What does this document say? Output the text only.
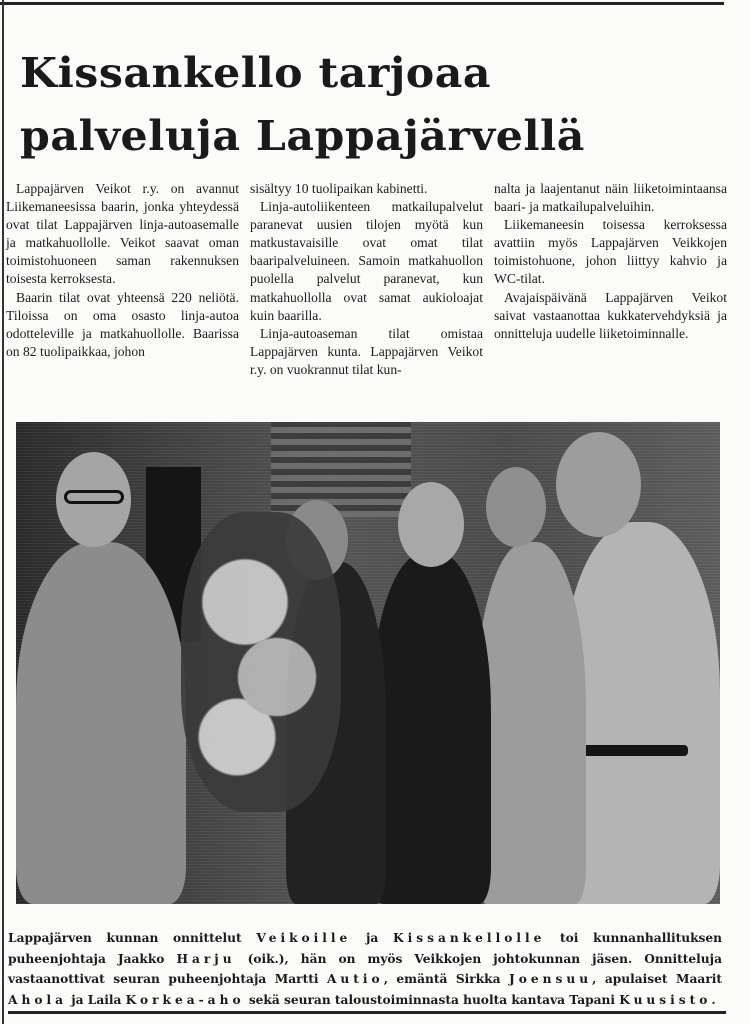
Kissankello tarjoaa
palveluja Lappajärvellä

Lappajärven Veikot r.y. on avannut Liikemaneesissa baarin, jonka yhteydessä ovat tilat Lappajärven linja-autoasemalle ja matkahuollolle. Veikot saavat oman toimistohuoneen saman rakennuksen toisesta kerroksesta.

Baarin tilat ovat yhteensä 220 neliötä. Tiloissa on oma osasto linja-autoa odotteleville ja matkahuollolle. Baarissa on 82 tuolipaikkaa, johon

sisältyy 10 tuolipaikan kabinetti.

Linja-autoliikenteen matkailupalvelut paranevat uusien tilojen myötä kun matkustavaisille ovat omat tilat baaripalveluineen. Samoin matkahuollon puolella palvelut paranevat, kun matkahuollolla ovat samat aukioloajat kuin baarilla.

Linja-autoaseman tilat omistaa Lappajärven kunta. Lappajärven Veikot r.y. on vuokrannut tilat kun-

nalta ja laajentanut näin liiketoimintaansa baari- ja matkailupalveluihin.

Liikemaneesin toisessa kerroksessa avattiin myös Lappajärven Veikkojen toimistohuone, johon liittyy kahvio ja WC-tilat.

Avajaispäivänä Lappajärven Veikot saivat vastaanottaa kukkatervehdyksiä ja onnitteluja uudelle liiketoiminnalle.

Lappajärven kunnan onnittelut Veikoille ja Kissankellolle toi kunnanhallituksen puheenjohtaja Jaakko Harju (oik.), hän on myös Veikkojen johtokunnan jäsen. Onnitteluja vastaanottivat seuran puheenjohtaja Martti Autio, emäntä Sirkka Joensuu, apulaiset Maarit Ahola ja Laila Korkea-aho sekä seuran taloustoiminnasta huolta kantava Tapani Kuusisto.
